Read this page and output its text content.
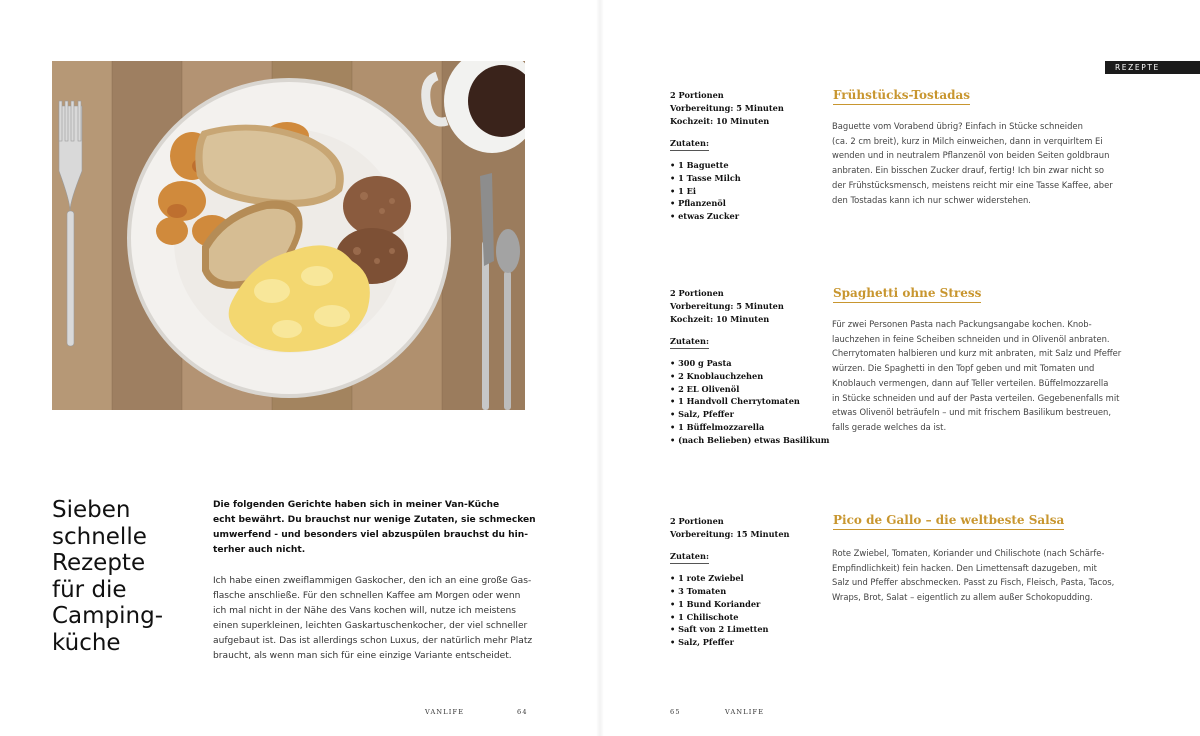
Sieben
schnelle
Rezepte
für die
Camping-
küche
Die folgenden Gerichte haben sich in meiner Van-Küche
echt bewährt. Du brauchst nur wenige Zutaten, sie schmecken
umwerfend - und besonders viel abzuspülen brauchst du hin-
terher auch nicht.
Ich habe einen zweiflammigen Gaskocher, den ich an eine große Gas-
flasche anschließe. Für den schnellen Kaffee am Morgen oder wenn
ich mal nicht in der Nähe des Vans kochen will, nutze ich meistens
einen superkleinen, leichten Gaskartuschenkocher, der viel schneller
aufgebaut ist. Das ist allerdings schon Luxus, der natürlich mehr Platz
braucht, als wenn man sich für eine einzige Variante entscheidet.
VANLIFE	64
REZEPTE
2 Portionen
Vorbereitung: 5 Minuten
Kochzeit: 10 Minuten
Zutaten:
• 1 Baguette
• 1 Tasse Milch
• 1 Ei
• Pflanzenöl
• etwas Zucker
Frühstücks-Tostadas
Baguette vom Vorabend übrig? Einfach in Stücke schneiden
(ca. 2 cm breit), kurz in Milch einweichen, dann in verquirltem Ei
wenden und in neutralem Pflanzenöl von beiden Seiten goldbraun
anbraten. Ein bisschen Zucker drauf, fertig! Ich bin zwar nicht so
der Frühstücksmensch, meistens reicht mir eine Tasse Kaffee, aber
den Tostadas kann ich nur schwer widerstehen.
2 Portionen
Vorbereitung: 5 Minuten
Kochzeit: 10 Minuten
Zutaten:
• 300 g Pasta
• 2 Knoblauchzehen
• 2 EL Olivenöl
• 1 Handvoll Cherrytomaten
• Salz, Pfeffer
• 1 Büffelmozzarella
• (nach Belieben) etwas Basilikum
Spaghetti ohne Stress
Für zwei Personen Pasta nach Packungsangabe kochen. Knob-
lauchzehen in feine Scheiben schneiden und in Olivenöl anbraten.
Cherrytomaten halbieren und kurz mit anbraten, mit Salz und Pfeffer
würzen. Die Spaghetti in den Topf geben und mit Tomaten und
Knoblauch vermengen, dann auf Teller verteilen. Büffelmozzarella
in Stücke schneiden und auf der Pasta verteilen. Gegebenenfalls mit
etwas Olivenöl beträufeln – und mit frischem Basilikum bestreuen,
falls gerade welches da ist.
2 Portionen
Vorbereitung: 15 Minuten
Zutaten:
• 1 rote Zwiebel
• 3 Tomaten
• 1 Bund Koriander
• 1 Chilischote
• Saft von 2 Limetten
• Salz, Pfeffer
Pico de Gallo – die weltbeste Salsa
Rote Zwiebel, Tomaten, Koriander und Chilischote (nach Schärfe-
Empfindlichkeit) fein hacken. Den Limettensaft dazugeben, mit
Salz und Pfeffer abschmecken. Passt zu Fisch, Fleisch, Pasta, Tacos,
Wraps, Brot, Salat – eigentlich zu allem außer Schokopudding.
65	VANLIFE
